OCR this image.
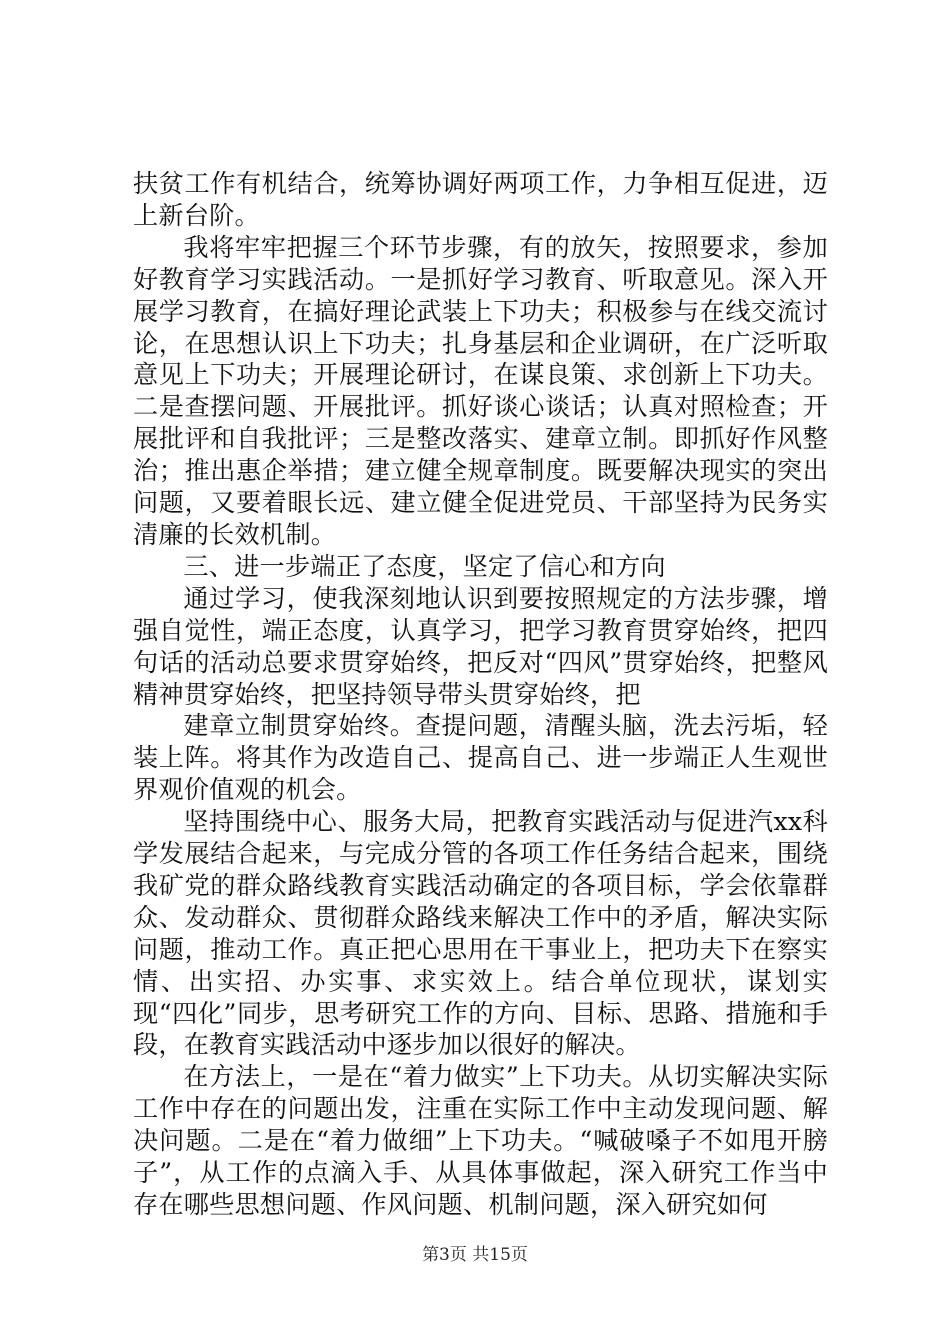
扶贫工作有机结合，统筹协调好两项工作，力争相互促进，迈上新台阶。

我将牢牢把握三个环节步骤，有的放矢，按照要求，参加好教育学习实践活动。一是抓好学习教育、听取意见。深入开展学习教育，在搞好理论武装上下功夫；积极参与在线交流讨论，在思想认识上下功夫；扎身基层和企业调研，在广泛听取意见上下功夫；开展理论研讨，在谋良策、求创新上下功夫。二是查摆问题、开展批评。抓好谈心谈话；认真对照检查；开展批评和自我批评；三是整改落实、建章立制。即抓好作风整治；推出惠企举措；建立健全规章制度。既要解决现实的突出问题，又要着眼长远、建立健全促进党员、干部坚持为民务实清廉的长效机制。

三、进一步端正了态度，坚定了信心和方向

通过学习，使我深刻地认识到要按照规定的方法步骤，增强自觉性，端正态度，认真学习，把学习教育贯穿始终，把四句话的活动总要求贯穿始终，把反对“四风”贯穿始终，把整风精神贯穿始终，把坚持领导带头贯穿始终，把

建章立制贯穿始终。查提问题，清醒头脑，洗去污垢，轻装上阵。将其作为改造自己、提高自己、进一步端正人生观世界观价值观的机会。

坚持围绕中心、服务大局，把教育实践活动与促进汽xx科学发展结合起来，与完成分管的各项工作任务结合起来，围绕我矿党的群众路线教育实践活动确定的各项目标，学会依靠群众、发动群众、贯彻群众路线来解决工作中的矛盾，解决实际问题，推动工作。真正把心思用在干事业上，把功夫下在察实情、出实招、办实事、求实效上。结合单位现状，谋划实现“四化”同步，思考研究工作的方向、目标、思路、措施和手段，在教育实践活动中逐步加以很好的解决。

在方法上，一是在“着力做实”上下功夫。从切实解决实际工作中存在的问题出发，注重在实际工作中主动发现问题、解决问题。二是在“着力做细”上下功夫。“喊破嗓子不如甩开膀子”，从工作的点滴入手、从具体事做起，深入研究工作当中存在哪些思想问题、作风问题、机制问题，深入研究如何

第3页 共15页
